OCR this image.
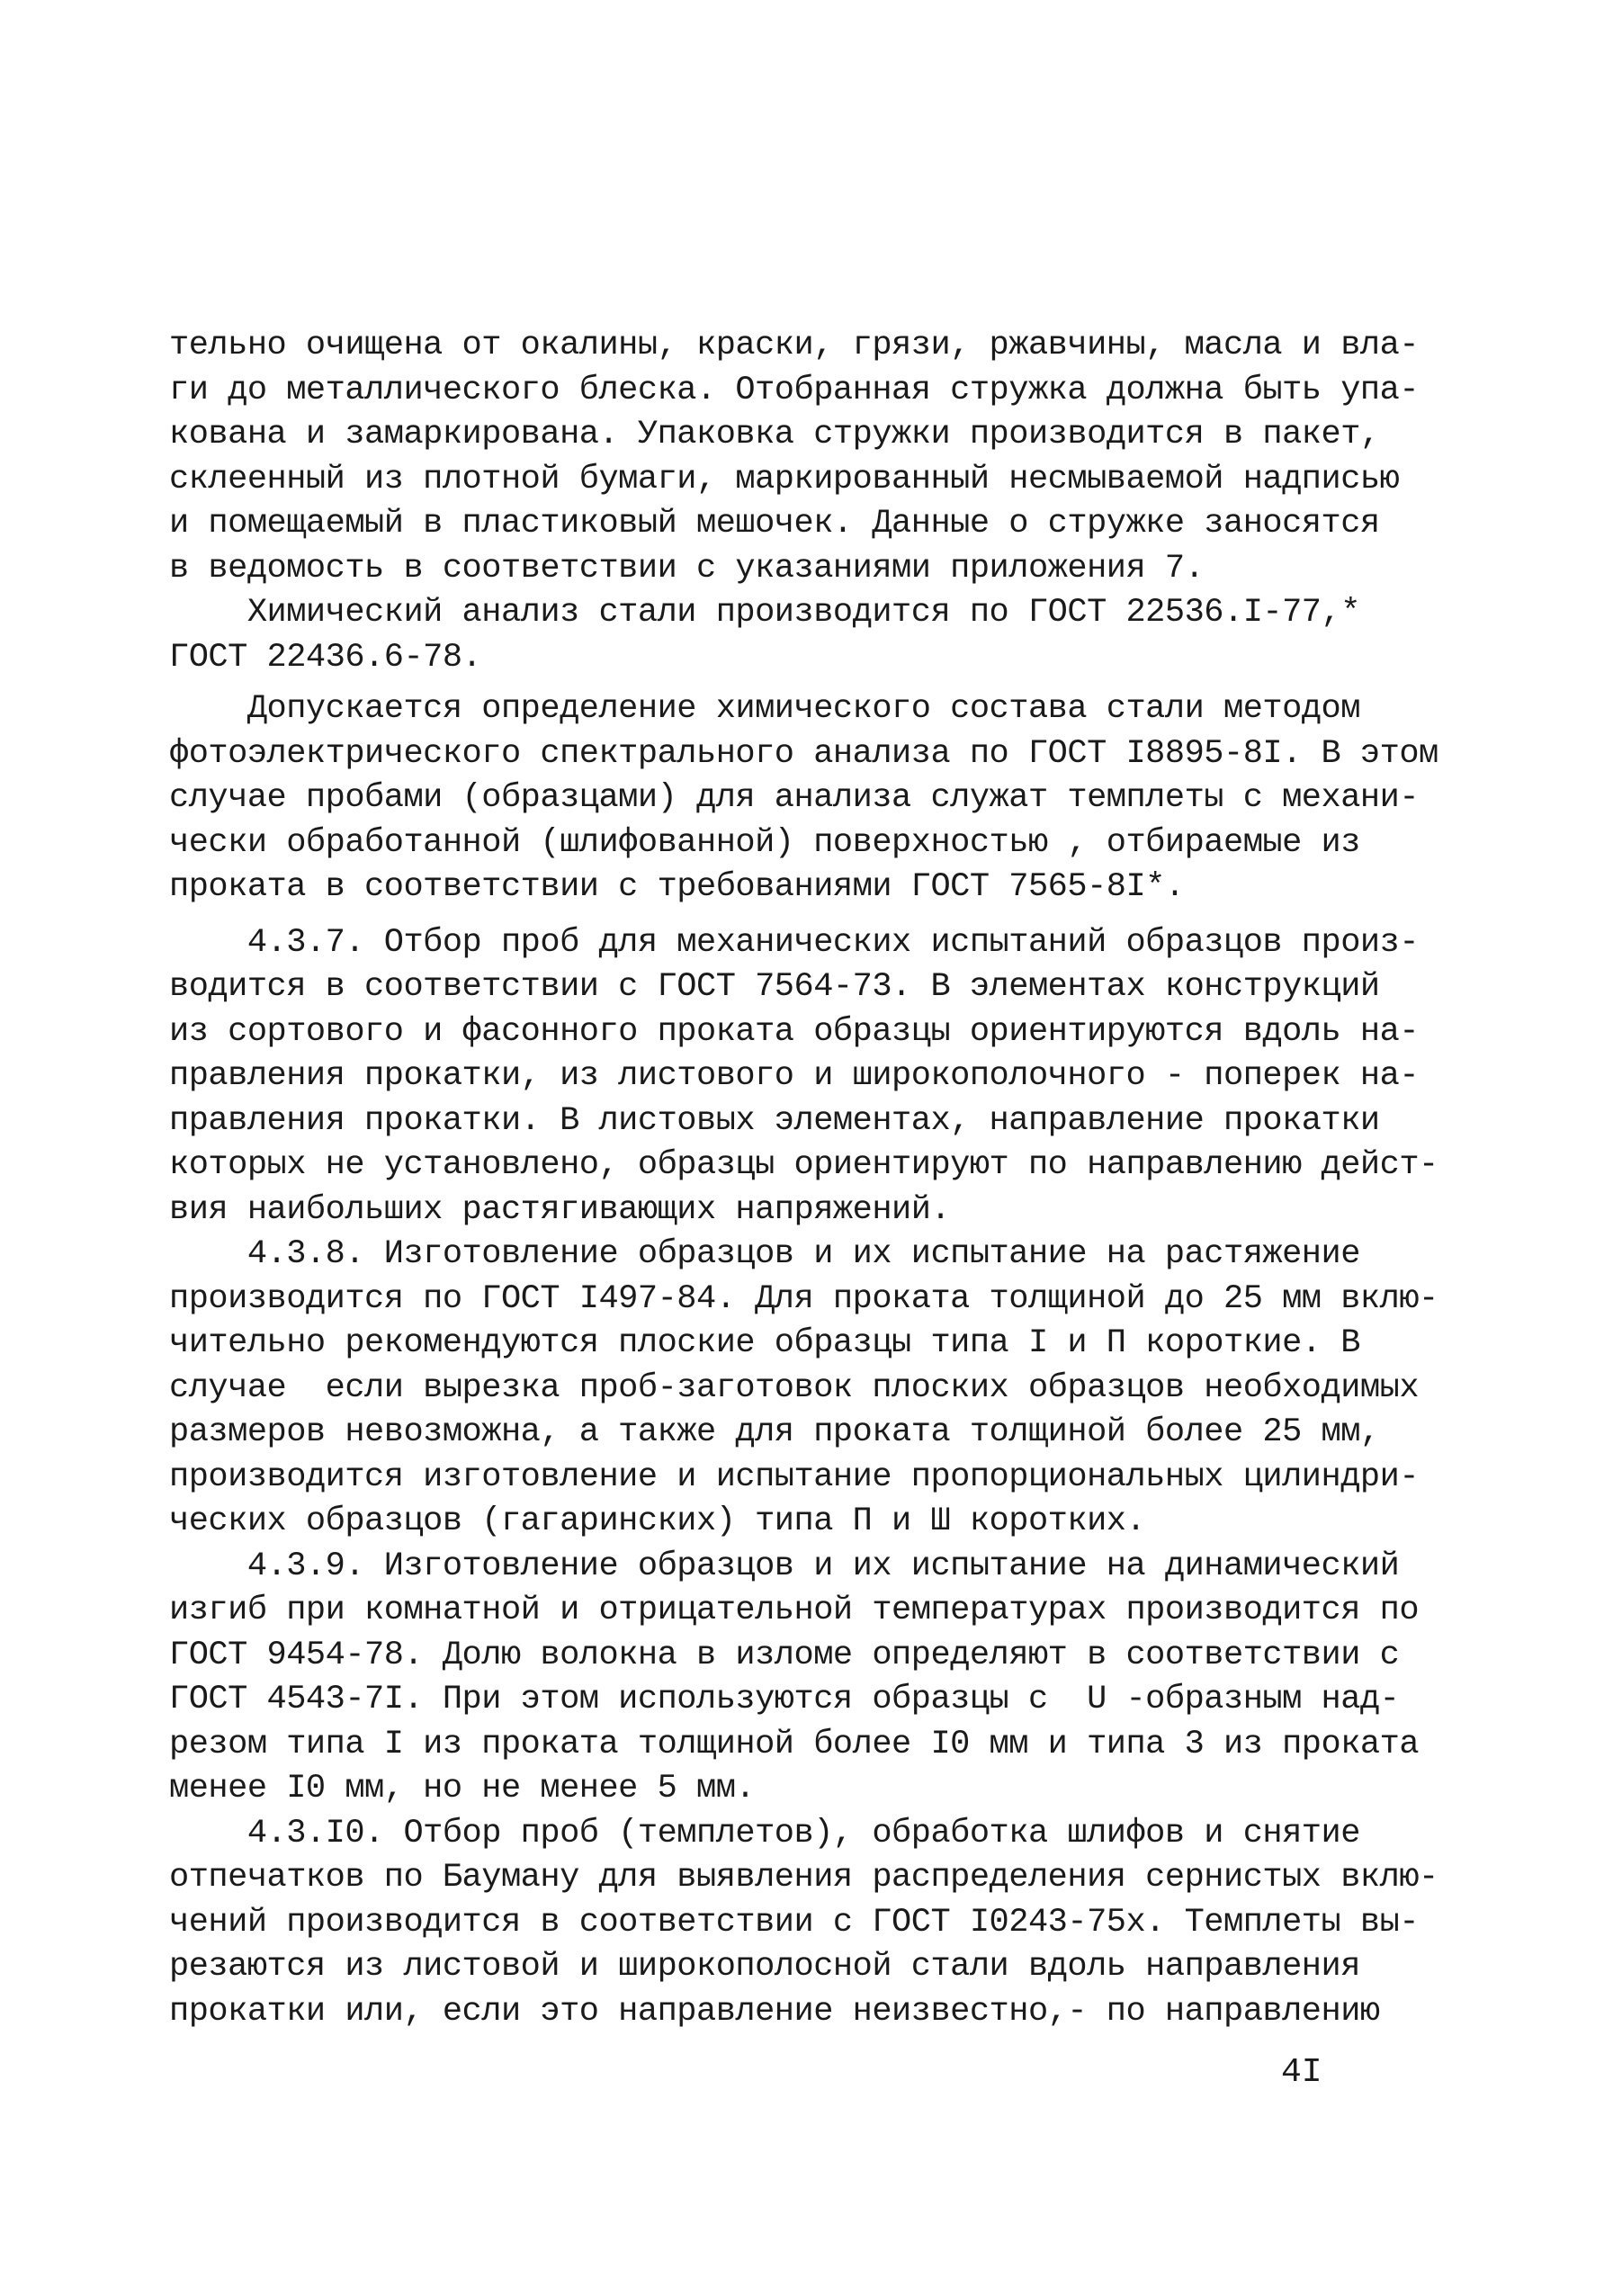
тельно очищена от окалины, краски, грязи, ржавчины, масла и вла-
ги до металлического блеска. Отобранная стружка должна быть упа-
кована и замаркирована. Упаковка стружки производится в пакет,
склеенный из плотной бумаги, маркированный несмываемой надписью
и помещаемый в пластиковый мешочек. Данные о стружке заносятся
в ведомость в соответствии с указаниями приложения 7.
Химический анализ стали производится по ГОСТ 22536.I-77,*
ГОСТ 22436.6-78.
Допускается определение химического состава стали методом
фотоэлектрического спектрального анализа по ГОСТ I8895-8I. В этом
случае пробами (образцами) для анализа служат темплеты с механи-
чески обработанной (шлифованной) поверхностью , отбираемые из
проката в соответствии с требованиями ГОСТ 7565-8I*.
4.3.7. Отбор проб для механических испытаний образцов произ-
водится в соответствии с ГОСТ 7564-73. В элементах конструкций
из сортового и фасонного проката образцы ориентируются вдоль на-
правления прокатки, из листового и широкополочного - поперек на-
правления прокатки. В листовых элементах, направление прокатки
которых не установлено, образцы ориентируют по направлению дейст-
вия наибольших растягивающих напряжений.
4.3.8. Изготовление образцов и их испытание на растяжение
производится по ГОСТ I497-84. Для проката толщиной до 25 мм вклю-
чительно рекомендуются плоские образцы типа I и П короткие. В
случае  если вырезка проб-заготовок плоских образцов необходимых
размеров невозможна, а также для проката толщиной более 25 мм,
производится изготовление и испытание пропорциональных цилиндри-
ческих образцов (гагаринских) типа П и Ш коротких.
4.3.9. Изготовление образцов и их испытание на динамический
изгиб при комнатной и отрицательной температурах производится по
ГОСТ 9454-78. Долю волокна в изломе определяют в соответствии с
ГОСТ 4543-7I. При этом используются образцы с  U -образным над-
резом типа I из проката толщиной более I0 мм и типа 3 из проката
менее I0 мм, но не менее 5 мм.
4.3.I0. Отбор проб (темплетов), обработка шлифов и снятие
отпечатков по Бауману для выявления распределения сернистых вклю-
чений производится в соответствии с ГОСТ I0243-75х. Темплеты вы-
резаются из листовой и широкополосной стали вдоль направления
прокатки или, если это направление неизвестно,- по направлению
4I
